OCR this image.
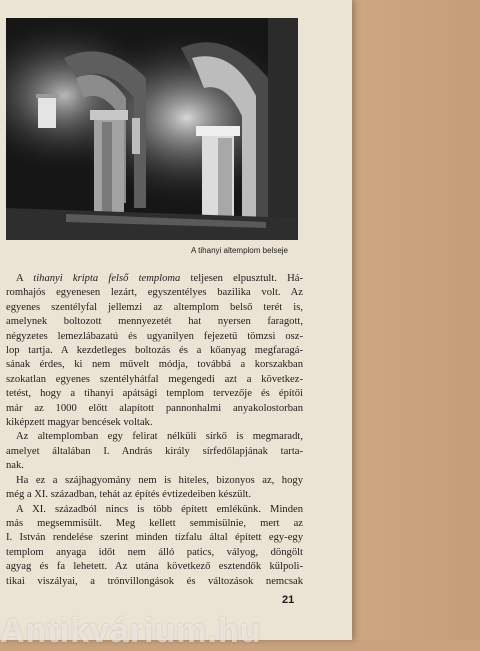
A tihanyi altemplom belseje
A tihanyi kripta felső temploma teljesen elpusztult. Há-
romhajós egyenesen lezárt, egyszentélyes bazilika volt. Az
egyenes szentélyfal jellemzi az altemplom belső terét is,
amelynek boltozott mennyezetét hat nyersen faragott,
négyzetes lemezlábazatú és ugyanilyen fejezetű tömzsi osz-
lop tartja. A kezdetleges boltozás és a kőanyag megfaragá-
sának érdes, ki nem művelt módja, továbbá a korszakban
szokatlan egyenes szentélyhátfal megengedi azt a következ-
tetést, hogy a tihanyi apátsági templom tervezője és építői
már az 1000 előtt alapított pannonhalmi anyakolostorban
kiképzett magyar bencések voltak.
Az altemplomban egy felirat nélküli sírkő is megmaradt,
amelyet általában I. András király sírfedőlapjának tarta-
nak.
Ha ez a szájhagyomány nem is hiteles, bizonyos az, hogy
még a XI. században, tehát az építés évtizedeiben készült.
A XI. századból nincs is több épített emlékünk. Minden
más megsemmisült. Meg kellett semmisülnie, mert az
I. István rendelése szerint minden tízfalu által épített egy-egy
templom anyaga időt nem álló patics, vályog, döngölt
agyag és fa lehetett. Az utána következő esztendők külpoli-
tikai viszályai, a trónvillongások és változások nemcsak
21
Antikvárium.hu
